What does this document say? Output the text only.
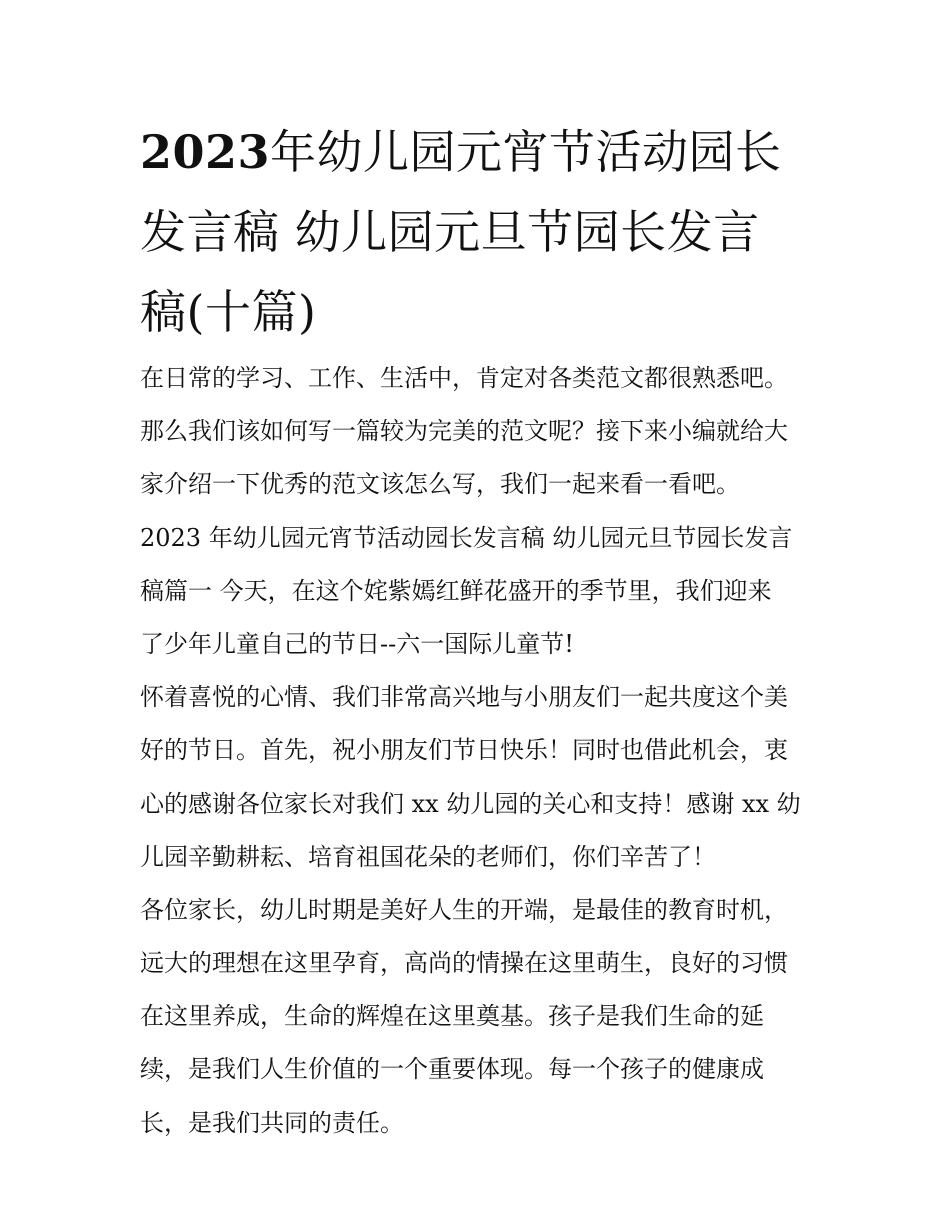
2023年幼儿园元宵节活动园长
发言稿 幼儿园元旦节园长发言
稿(十篇)
在日常的学习、工作、生活中，肯定对各类范文都很熟悉吧。
那么我们该如何写一篇较为完美的范文呢？接下来小编就给大
家介绍一下优秀的范文该怎么写，我们一起来看一看吧。
2023 年幼儿园元宵节活动园长发言稿 幼儿园元旦节园长发言
稿篇一 今天，在这个姹紫嫣红鲜花盛开的季节里，我们迎来
了少年儿童自己的节日--六一国际儿童节!
怀着喜悦的心情、我们非常高兴地与小朋友们一起共度这个美
好的节日。首先，祝小朋友们节日快乐！同时也借此机会，衷
心的感谢各位家长对我们 xx 幼儿园的关心和支持！感谢 xx 幼
儿园辛勤耕耘、培育祖国花朵的老师们，你们辛苦了！
各位家长，幼儿时期是美好人生的开端，是最佳的教育时机，
远大的理想在这里孕育，高尚的情操在这里萌生，良好的习惯
在这里养成，生命的辉煌在这里奠基。孩子是我们生命的延
续，是我们人生价值的一个重要体现。每一个孩子的健康成
长，是我们共同的责任。
